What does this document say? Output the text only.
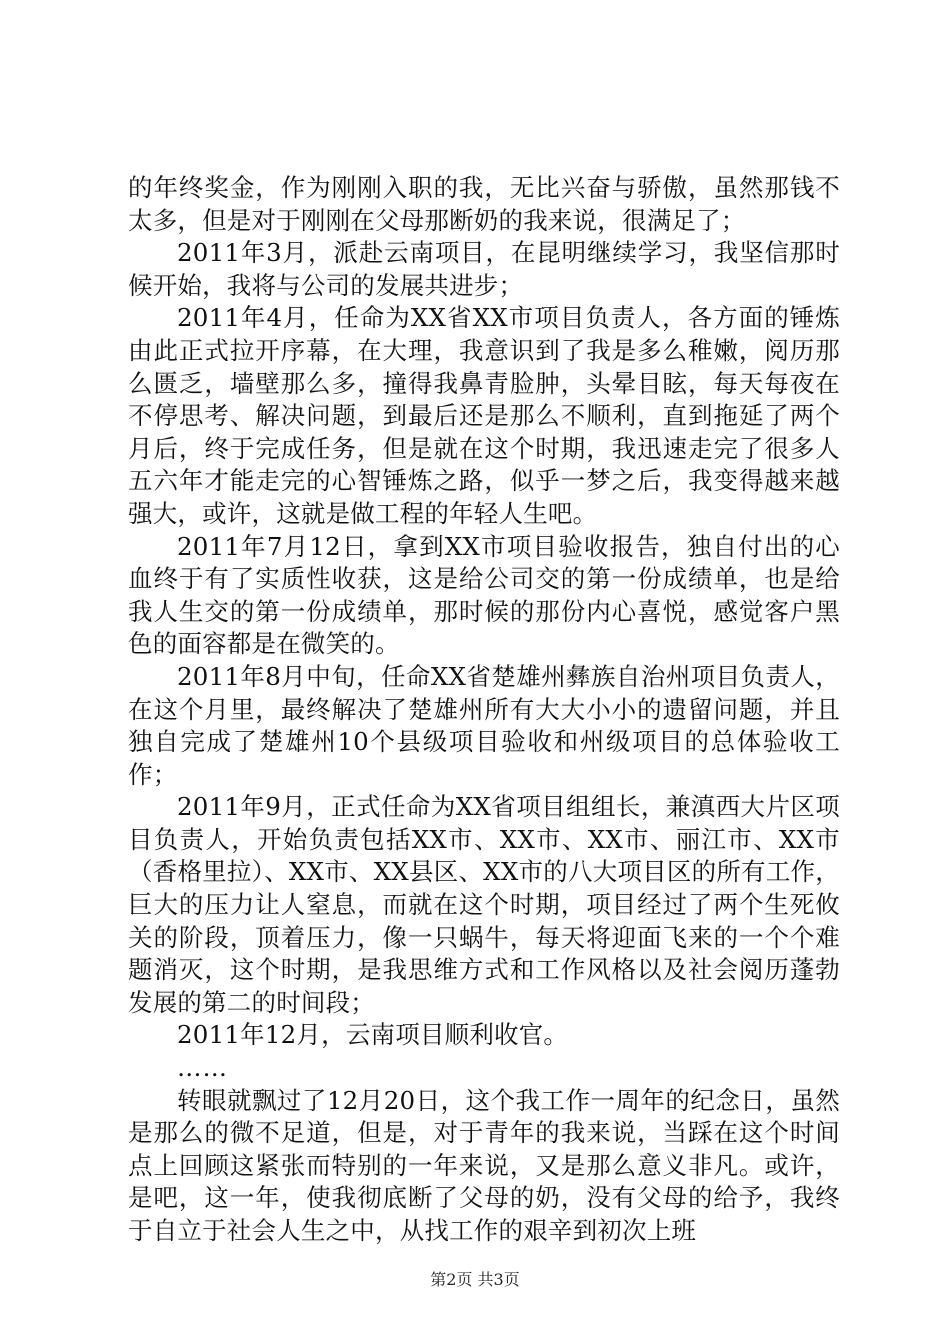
的年终奖金，作为刚刚入职的我，无比兴奋与骄傲，虽然那钱不太多，但是对于刚刚在父母那断奶的我来说，很满足了；

2011年3月，派赴云南项目，在昆明继续学习，我坚信那时候开始，我将与公司的发展共进步；

2011年4月，任命为XX省XX市项目负责人，各方面的锤炼由此正式拉开序幕，在大理，我意识到了我是多么稚嫩，阅历那么匮乏，墙壁那么多，撞得我鼻青脸肿，头晕目眩，每天每夜在不停思考、解决问题，到最后还是那么不顺利，直到拖延了两个月后，终于完成任务，但是就在这个时期，我迅速走完了很多人五六年才能走完的心智锤炼之路，似乎一梦之后，我变得越来越强大，或许，这就是做工程的年轻人生吧。

2011年7月12日，拿到XX市项目验收报告，独自付出的心血终于有了实质性收获，这是给公司交的第一份成绩单，也是给我人生交的第一份成绩单，那时候的那份内心喜悦，感觉客户黑色的面容都是在微笑的。

2011年8月中旬，任命XX省楚雄州彝族自治州项目负责人，在这个月里，最终解决了楚雄州所有大大小小的遗留问题，并且独自完成了楚雄州10个县级项目验收和州级项目的总体验收工作；

2011年9月，正式任命为XX省项目组组长，兼滇西大片区项目负责人，开始负责包括XX市、XX市、XX市、丽江市、XX市（香格里拉）、XX市、XX县区、XX市的八大项目区的所有工作，巨大的压力让人窒息，而就在这个时期，项目经过了两个生死攸关的阶段，顶着压力，像一只蜗牛，每天将迎面飞来的一个个难题消灭，这个时期，是我思维方式和工作风格以及社会阅历蓬勃发展的第二的时间段；

2011年12月，云南项目顺利收官。

……

转眼就飘过了12月20日，这个我工作一周年的纪念日，虽然是那么的微不足道，但是，对于青年的我来说，当踩在这个时间点上回顾这紧张而特别的一年来说，又是那么意义非凡。或许，是吧，这一年，使我彻底断了父母的奶，没有父母的给予，我终于自立于社会人生之中，从找工作的艰辛到初次上班

第2页 共3页
